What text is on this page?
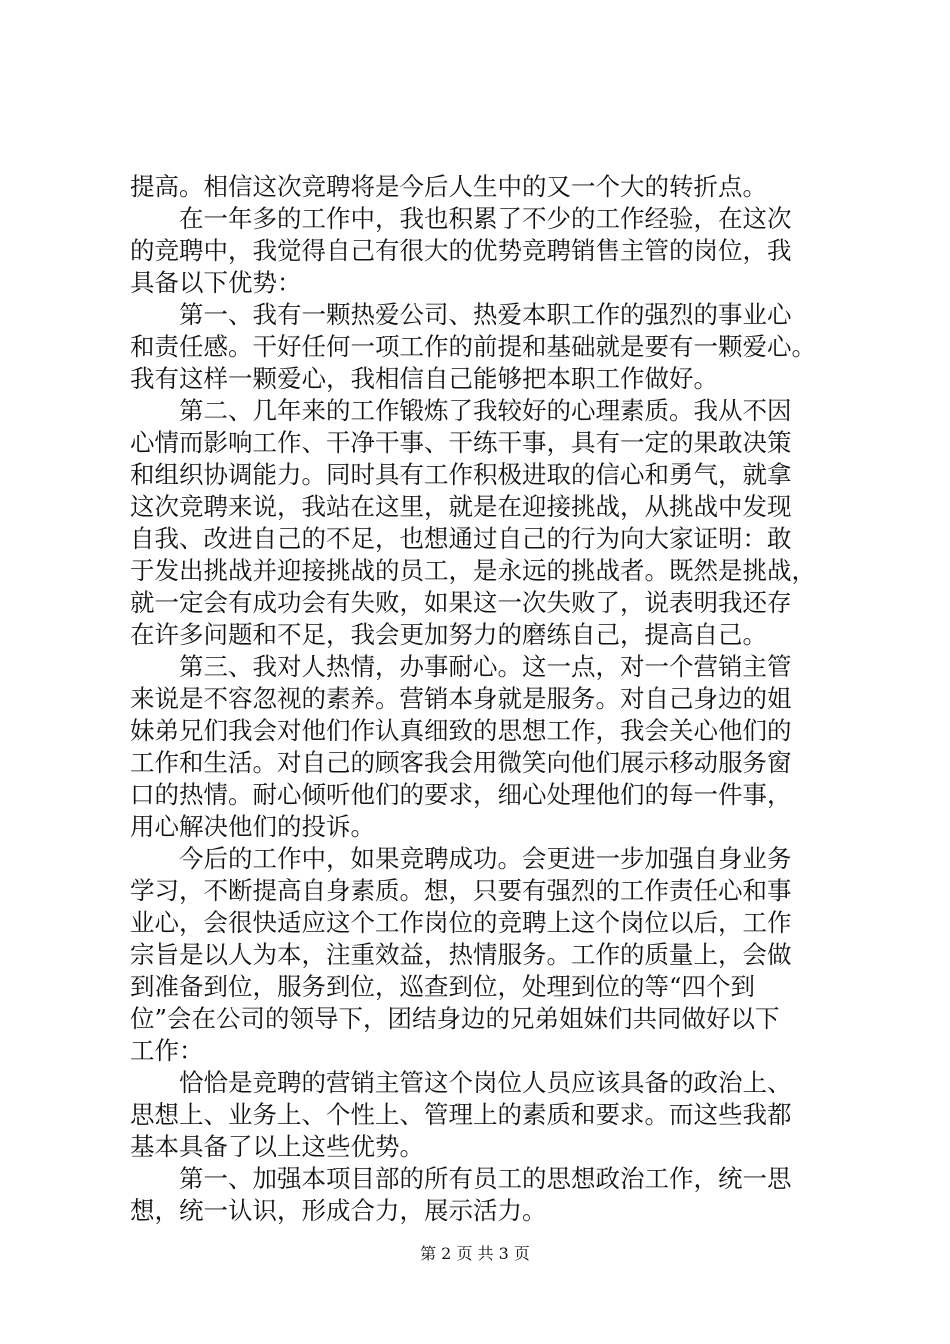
提高。相信这次竞聘将是今后人生中的又一个大的转折点。
在一年多的工作中，我也积累了不少的工作经验，在这次
的竞聘中，我觉得自己有很大的优势竞聘销售主管的岗位，我
具备以下优势：
第一、我有一颗热爱公司、热爱本职工作的强烈的事业心
和责任感。干好任何一项工作的前提和基础就是要有一颗爱心。
我有这样一颗爱心，我相信自己能够把本职工作做好。
第二、几年来的工作锻炼了我较好的心理素质。我从不因
心情而影响工作、干净干事、干练干事，具有一定的果敢决策
和组织协调能力。同时具有工作积极进取的信心和勇气，就拿
这次竞聘来说，我站在这里，就是在迎接挑战，从挑战中发现
自我、改进自己的不足，也想通过自己的行为向大家证明：敢
于发出挑战并迎接挑战的员工，是永远的挑战者。既然是挑战，
就一定会有成功会有失败，如果这一次失败了，说表明我还存
在许多问题和不足，我会更加努力的磨练自己，提高自己。
第三、我对人热情，办事耐心。这一点，对一个营销主管
来说是不容忽视的素养。营销本身就是服务。对自己身边的姐
妹弟兄们我会对他们作认真细致的思想工作，我会关心他们的
工作和生活。对自己的顾客我会用微笑向他们展示移动服务窗
口的热情。耐心倾听他们的要求，细心处理他们的每一件事，
用心解决他们的投诉。
今后的工作中，如果竞聘成功。会更进一步加强自身业务
学习，不断提高自身素质。想，只要有强烈的工作责任心和事
业心，会很快适应这个工作岗位的竞聘上这个岗位以后，工作
宗旨是以人为本，注重效益，热情服务。工作的质量上，会做
到准备到位，服务到位，巡查到位，处理到位的等“四个到
位”会在公司的领导下，团结身边的兄弟姐妹们共同做好以下
工作：
恰恰是竞聘的营销主管这个岗位人员应该具备的政治上、
思想上、业务上、个性上、管理上的素质和要求。而这些我都
基本具备了以上这些优势。
第一、加强本项目部的所有员工的思想政治工作，统一思
想，统一认识，形成合力，展示活力。
第 2 页 共 3 页
